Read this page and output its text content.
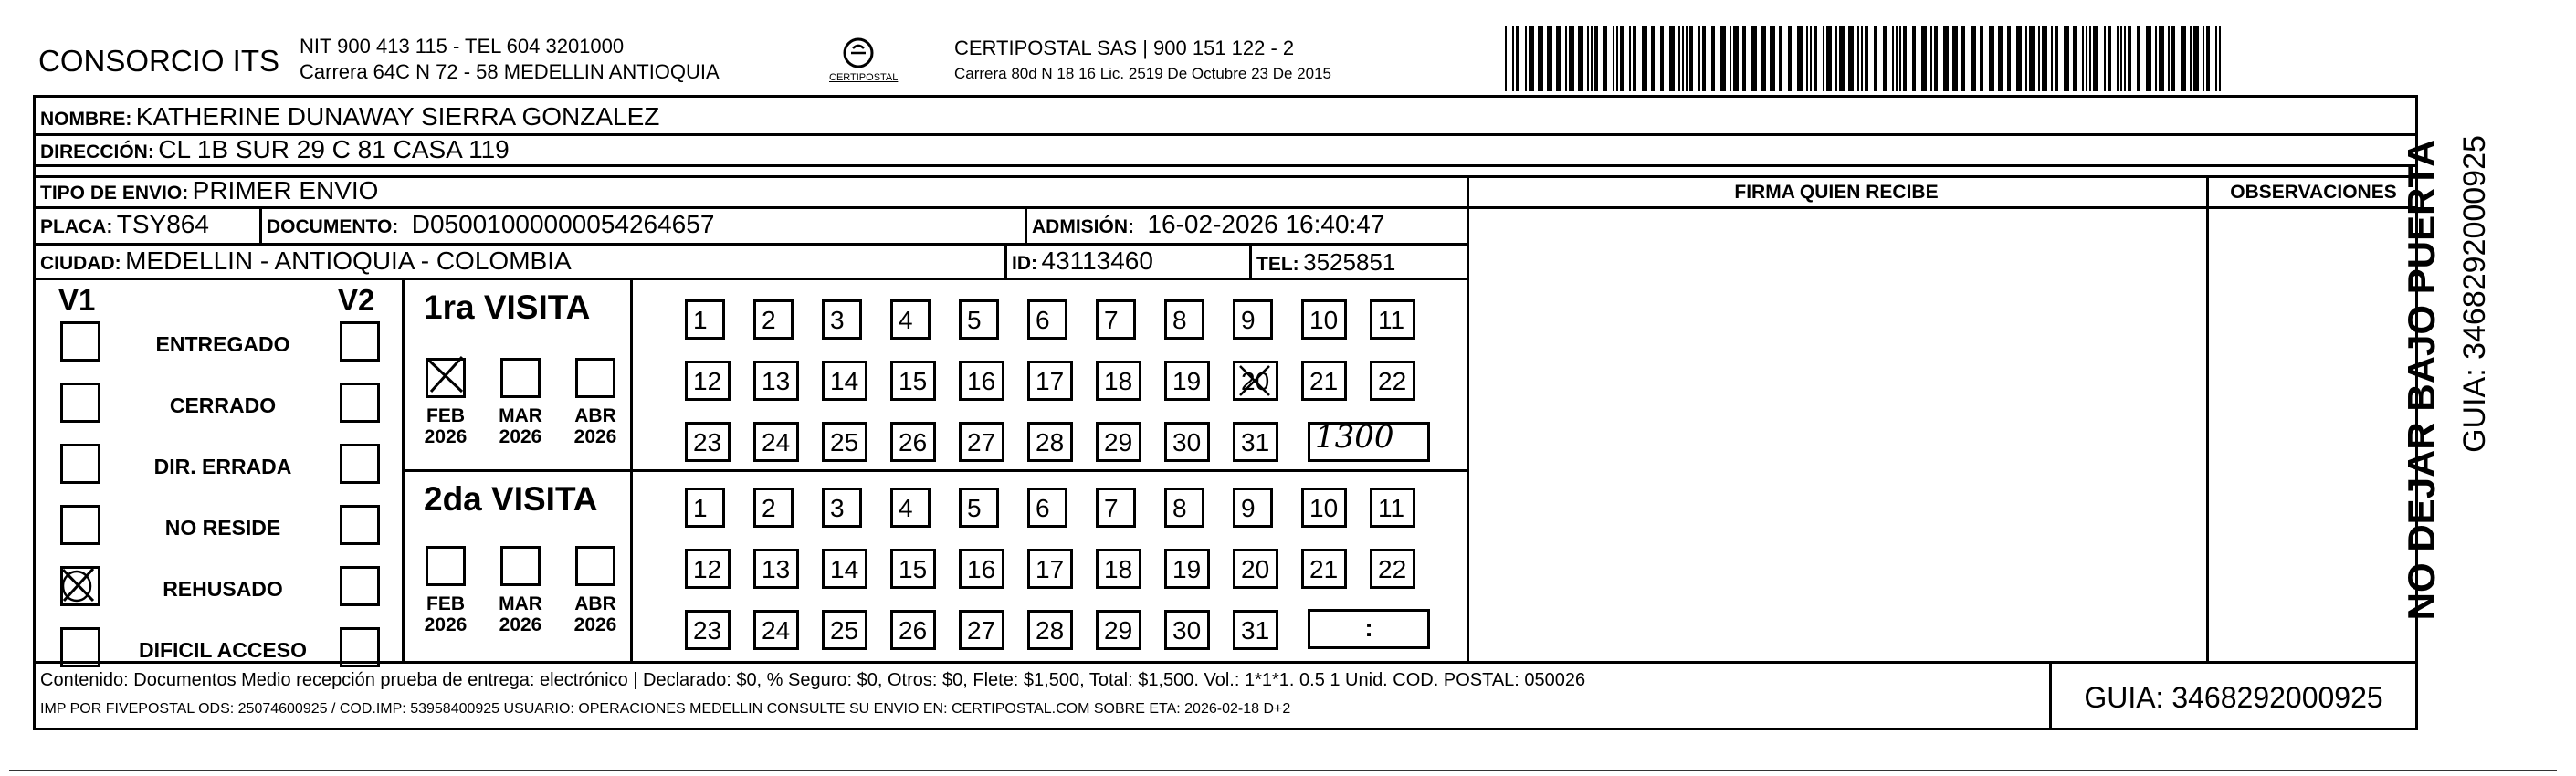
CONSORCIO ITS NIT 900 413 115 - TEL 604 3201000
Carrera 64C N 72 - 58 MEDELLIN ANTIOQUIA	CERTIPOSTAL
CERTIPOSTAL SAS | 900 151 122 - 2
Carrera 80d N 18 16 Lic. 2519 De Octubre 23 De 2015
NOMBRE: KATHERINE DUNAWAY SIERRA GONZALEZ
DIRECCIÓN: CL 1B SUR 29 C 81 CASA 119
TIPO DE ENVIO: PRIMER ENVIO
PLACA: TSY864	DOCUMENTO: D05001000000054264657	ADMISIÓN: 16-02-2026 16:40:47
CIUDAD: MEDELLIN - ANTIOQUIA - COLOMBIA	ID: 43113460	TEL: 3525851
FIRMA QUIEN RECIBE	OBSERVACIONES
V1	V2
ENTREGADO
CERRADO
DIR. ERRADA
NO RESIDE
REHUSADO
DIFICIL ACCESO
1ra VISITA
2da VISITA
FEB
2026
MAR
2026
ABR
2026
FEB
2026
MAR
2026
ABR
2026
1	2	3	4	5	6	7	8	9	10	11
12	13	14	15	16	17	18	19	20	21	22
23	24	25	26	27	28	29	30	31
1	2	3	4	5	6	7	8	9	10	11
12	13	14	15	16	17	18	19	20	21	22
23	24	25	26	27	28	29	30	31
1300
:
Contenido: Documentos Medio recepción prueba de entrega: electrónico | Declarado: $0, % Seguro: $0, Otros: $0, Flete: $1,500, Total: $1,500. Vol.: 1*1*1. 0.5 1 Unid. COD. POSTAL: 050026
IMP POR FIVEPOSTAL ODS: 25074600925 / COD.IMP: 53958400925 USUARIO: OPERACIONES MEDELLIN CONSULTE SU ENVIO EN: CERTIPOSTAL.COM SOBRE ETA: 2026-02-18 D+2	GUIA: 3468292000925
NO DEJAR BAJO PUERTA GUIA: 3468292000925
